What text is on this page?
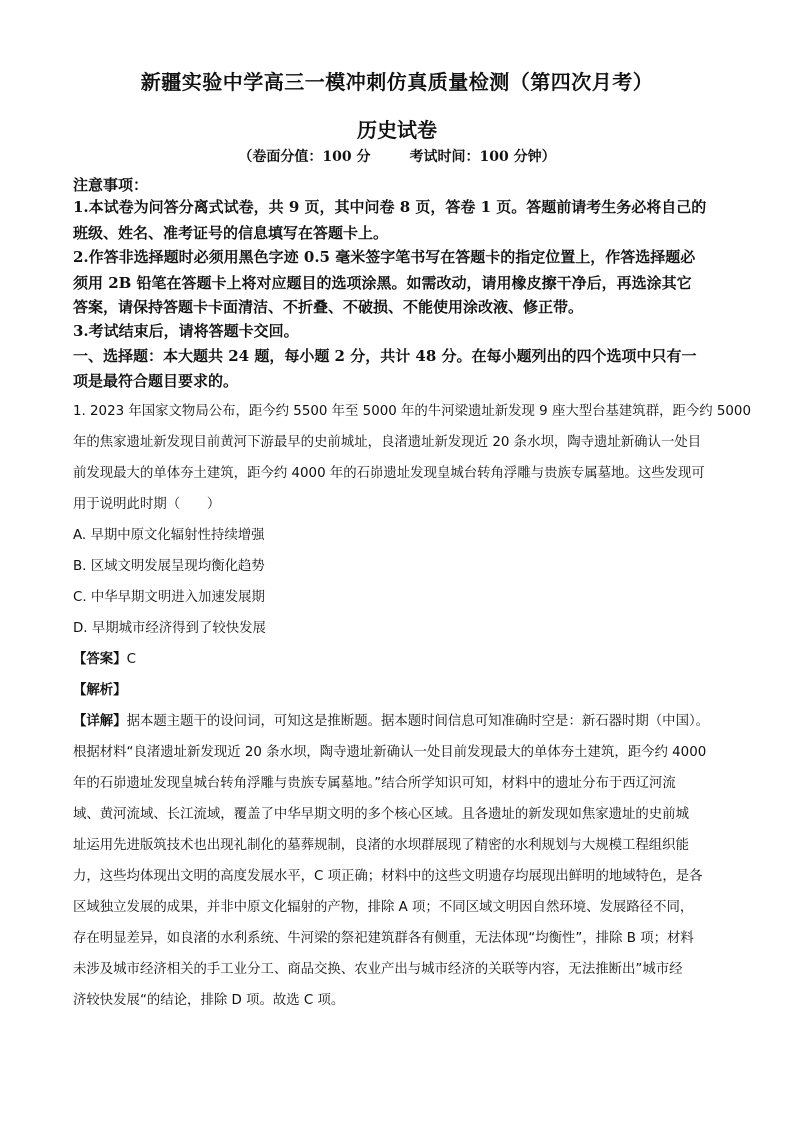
新疆实验中学高三一模冲刺仿真质量检测（第四次月考）
历史试卷
（卷面分值：100 分	考试时间：100 分钟）
注意事项：
1.本试卷为问答分离式试卷，共 9 页，其中问卷 8 页，答卷 1 页。答题前请考生务必将自己的
班级、姓名、准考证号的信息填写在答题卡上。
2.作答非选择题时必须用黑色字迹 0.5 毫米签字笔书写在答题卡的指定位置上，作答选择题必
须用 2B 铅笔在答题卡上将对应题目的选项涂黑。如需改动，请用橡皮擦干净后，再选涂其它
答案，请保持答题卡卡面清洁、不折叠、不破损、不能使用涂改液、修正带。
3.考试结束后，请将答题卡交回。
一、选择题：本大题共 24 题，每小题 2 分，共计 48 分。在每小题列出的四个选项中只有一
项是最符合题目要求的。
1. 2023 年国家文物局公布，距今约 5500 年至 5000 年的牛河梁遗址新发现 9 座大型台基建筑群，距今约 5000
年的焦家遗址新发现目前黄河下游最早的史前城址，良渚遗址新发现近 20 条水坝，陶寺遗址新确认一处目
前发现最大的单体夯土建筑，距今约 4000 年的石峁遗址发现皇城台转角浮雕与贵族专属墓地。这些发现可
用于说明此时期（　　）
A. 早期中原文化辐射性持续增强
B. 区域文明发展呈现均衡化趋势
C. 中华早期文明进入加速发展期
D. 早期城市经济得到了较快发展
【答案】C
【解析】
【详解】据本题主题干的设问词，可知这是推断题。据本题时间信息可知准确时空是：新石器时期（中国）。
根据材料“良渚遗址新发现近 20 条水坝，陶寺遗址新确认一处目前发现最大的单体夯土建筑，距今约 4000
年的石峁遗址发现皇城台转角浮雕与贵族专属墓地。”结合所学知识可知，材料中的遗址分布于西辽河流
域、黄河流域、长江流域，覆盖了中华早期文明的多个核心区域。且各遗址的新发现如焦家遗址的史前城
址运用先进版筑技术也出现礼制化的墓葬规制，良渚的水坝群展现了精密的水利规划与大规模工程组织能
力，这些均体现出文明的高度发展水平，C 项正确；材料中的这些文明遗存均展现出鲜明的地域特色，是各
区域独立发展的成果，并非中原文化辐射的产物，排除 A 项；不同区域文明因自然环境、发展路径不同，
存在明显差异，如良渚的水利系统、牛河梁的祭祀建筑群各有侧重，无法体现“均衡性”，排除 B 项；材料
未涉及城市经济相关的手工业分工、商品交换、农业产出与城市经济的关联等内容，无法推断出”城市经
济较快发展“的结论，排除 D 项。故选 C 项。
